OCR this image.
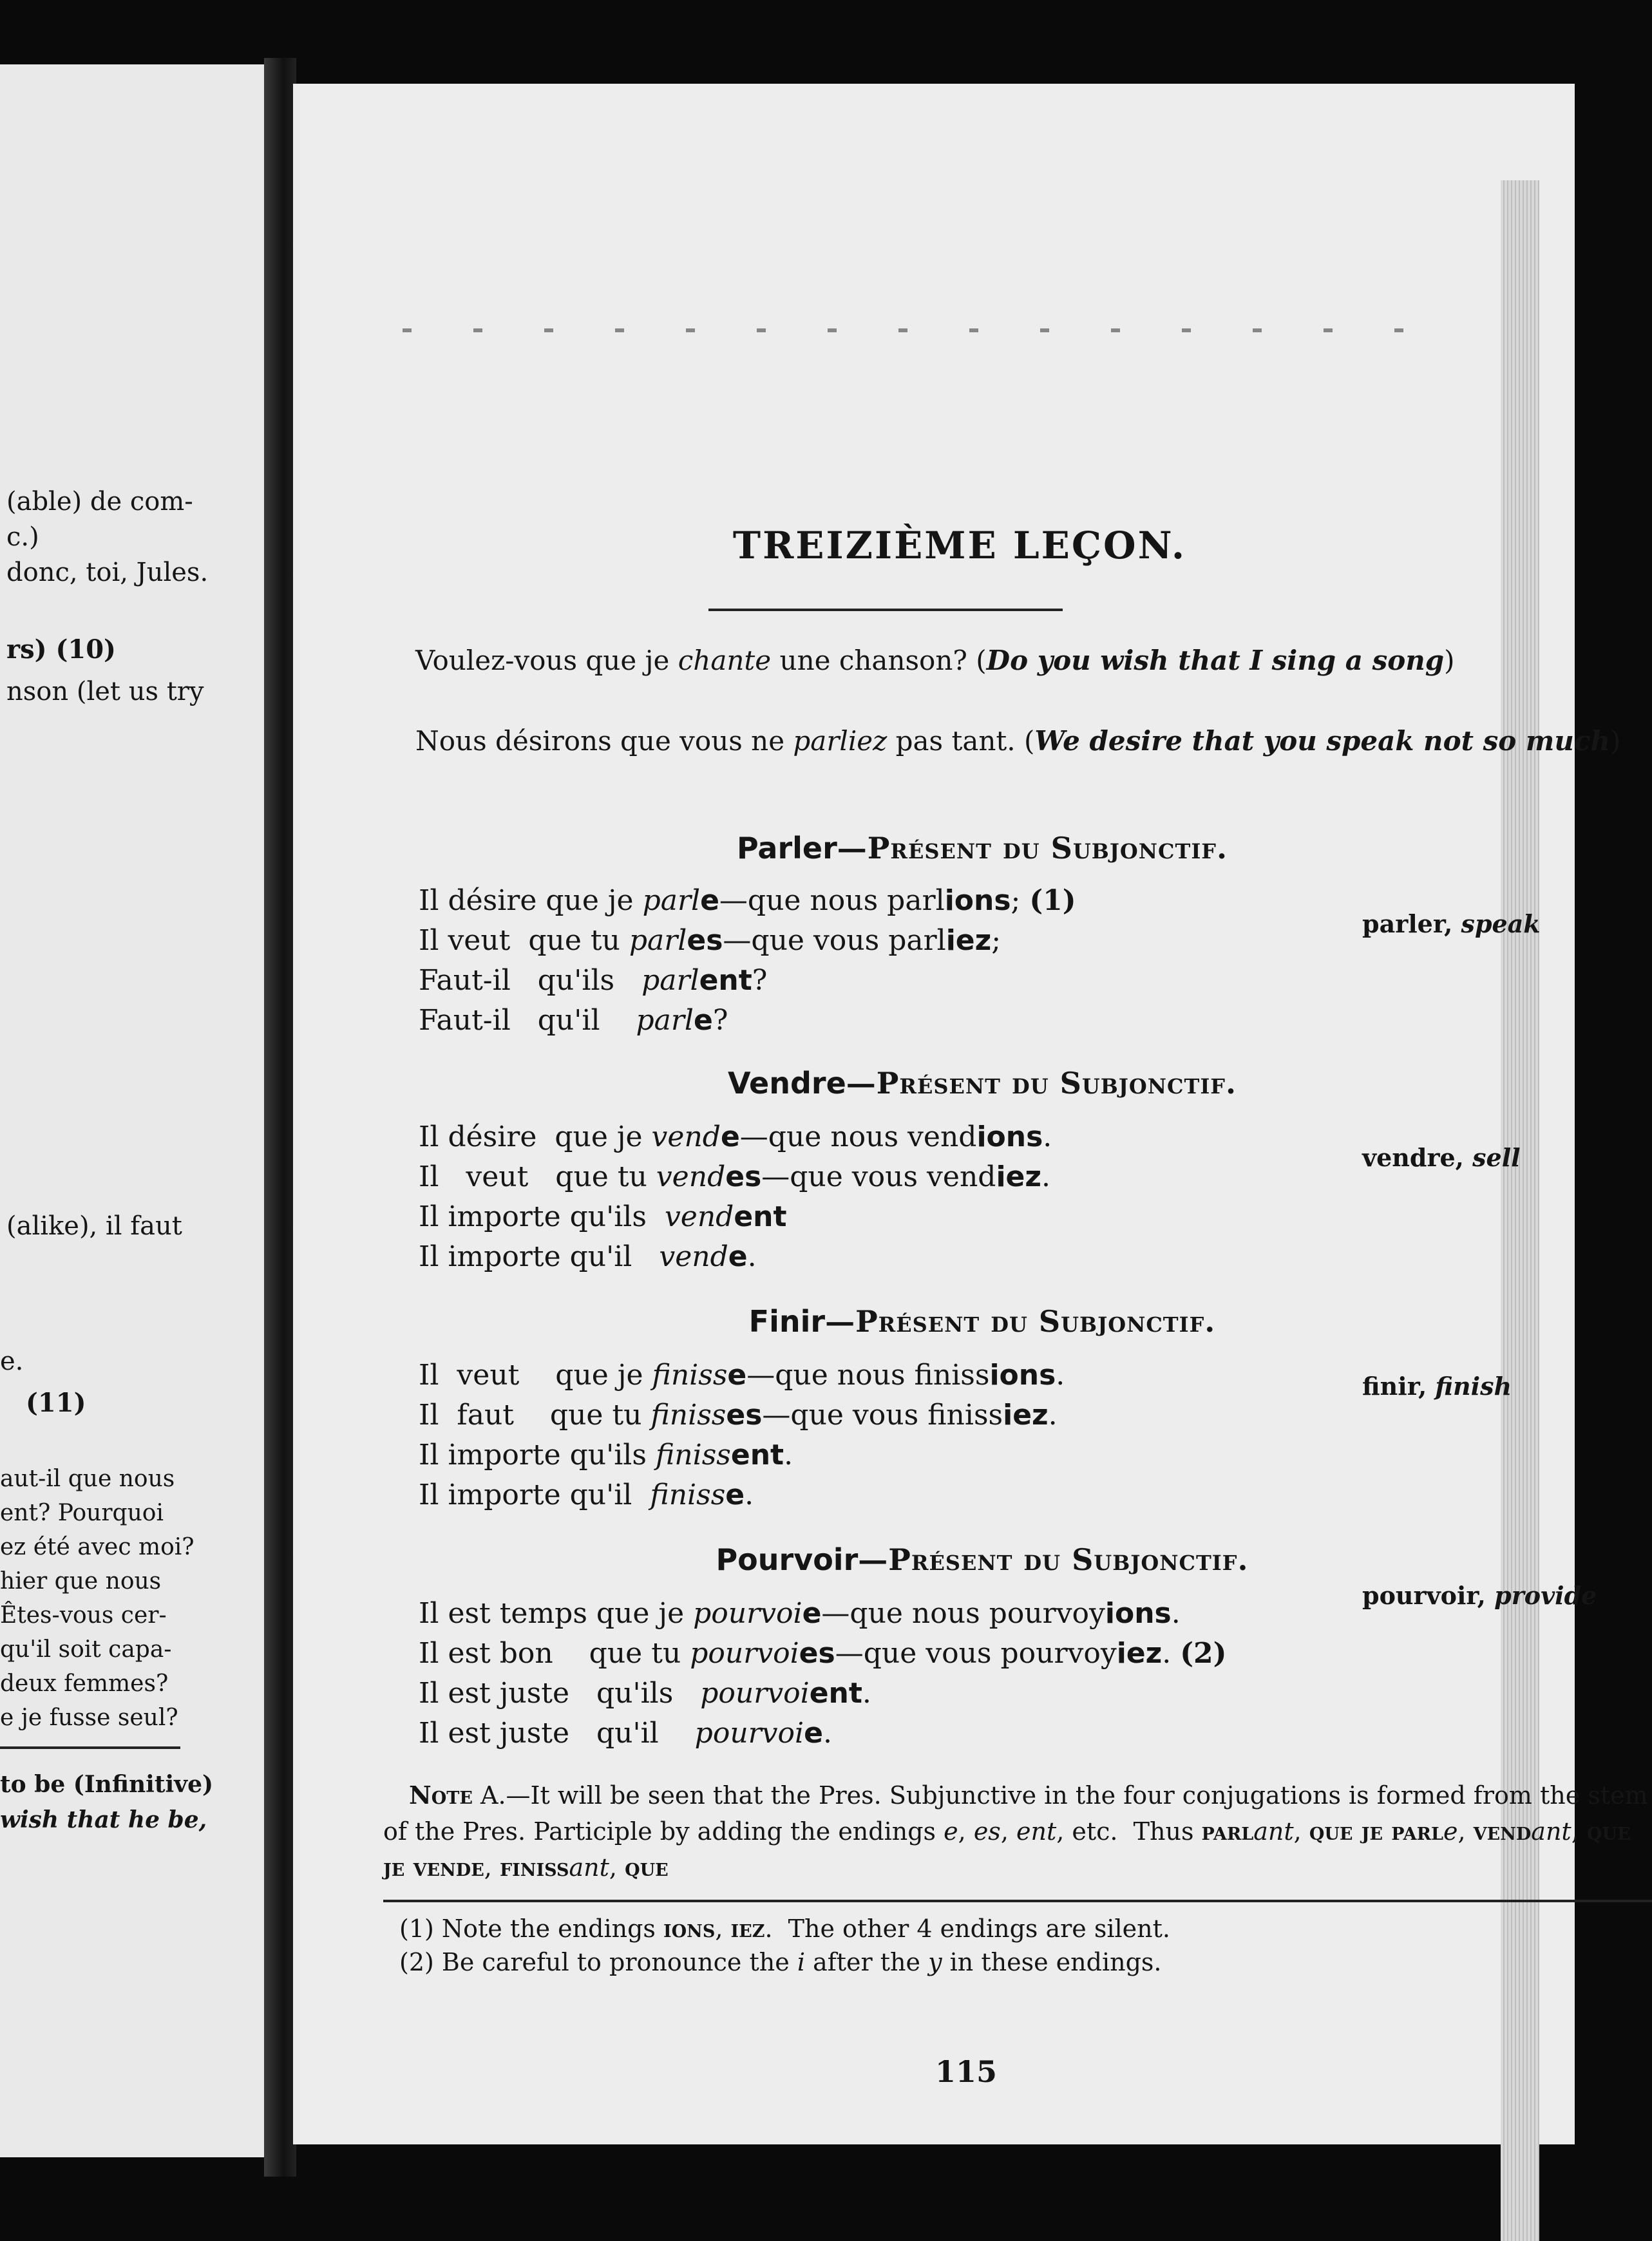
(able) de com-
c.)
donc, toi, Jules.
rs) (10)
nson (let us try
(alike), il faut
e.
(11)
aut-il que nous
ent? Pourquoi
ez été avec moi?
hier que nous
Êtes-vous cer-
qu'il soit capa-
deux femmes?
e je fusse seul?
to be (Infinitive)
wish that he be,
TREIZIÈME LEÇON.
Voulez-vous que je chante une chanson? (Do you wish that I sing a song)
Nous désirons que vous ne parliez pas tant. (We desire that you speak not so much)
Parler—Présent du Subjonctif.
Il désire que je parle—que nous parlions; (1)
Il veut  que tu parles—que vous parliez;
Faut-il   qu'ils   parlent?
Faut-il   qu'il    parle?
parler, speak
Vendre—Présent du Subjonctif.
Il désire  que je vende—que nous vendions.
Il   veut   que tu vendes—que vous vendiez.
Il importe qu'ils  vendent
Il importe qu'il   vende.
vendre, sell
Finir—Présent du Subjonctif.
Il  veut    que je finisse—que nous finissions.
Il  faut    que tu finisses—que vous finissiez.
Il importe qu'ils finissent.
Il importe qu'il  finisse.
finir, finish
Pourvoir—Présent du Subjonctif.
Il est temps que je pourvoie—que nous pourvoyions.
Il est bon    que tu pourvoies—que vous pourvoyiez. (2)
Il est juste   qu'ils   pourvoient.
Il est juste   qu'il    pourvoie.
pourvoir, provide
Note A.—It will be seen that the Pres. Subjunctive in the four conjugations is formed from the stem of the Pres. Participle by adding the endings e, es, ent, etc.  Thus parlant, que je parle, vendant, que je vende, finissant, que
(1) Note the endings ions, iez.  The other 4 endings are silent.
(2) Be careful to pronounce the i after the y in these endings.
115
